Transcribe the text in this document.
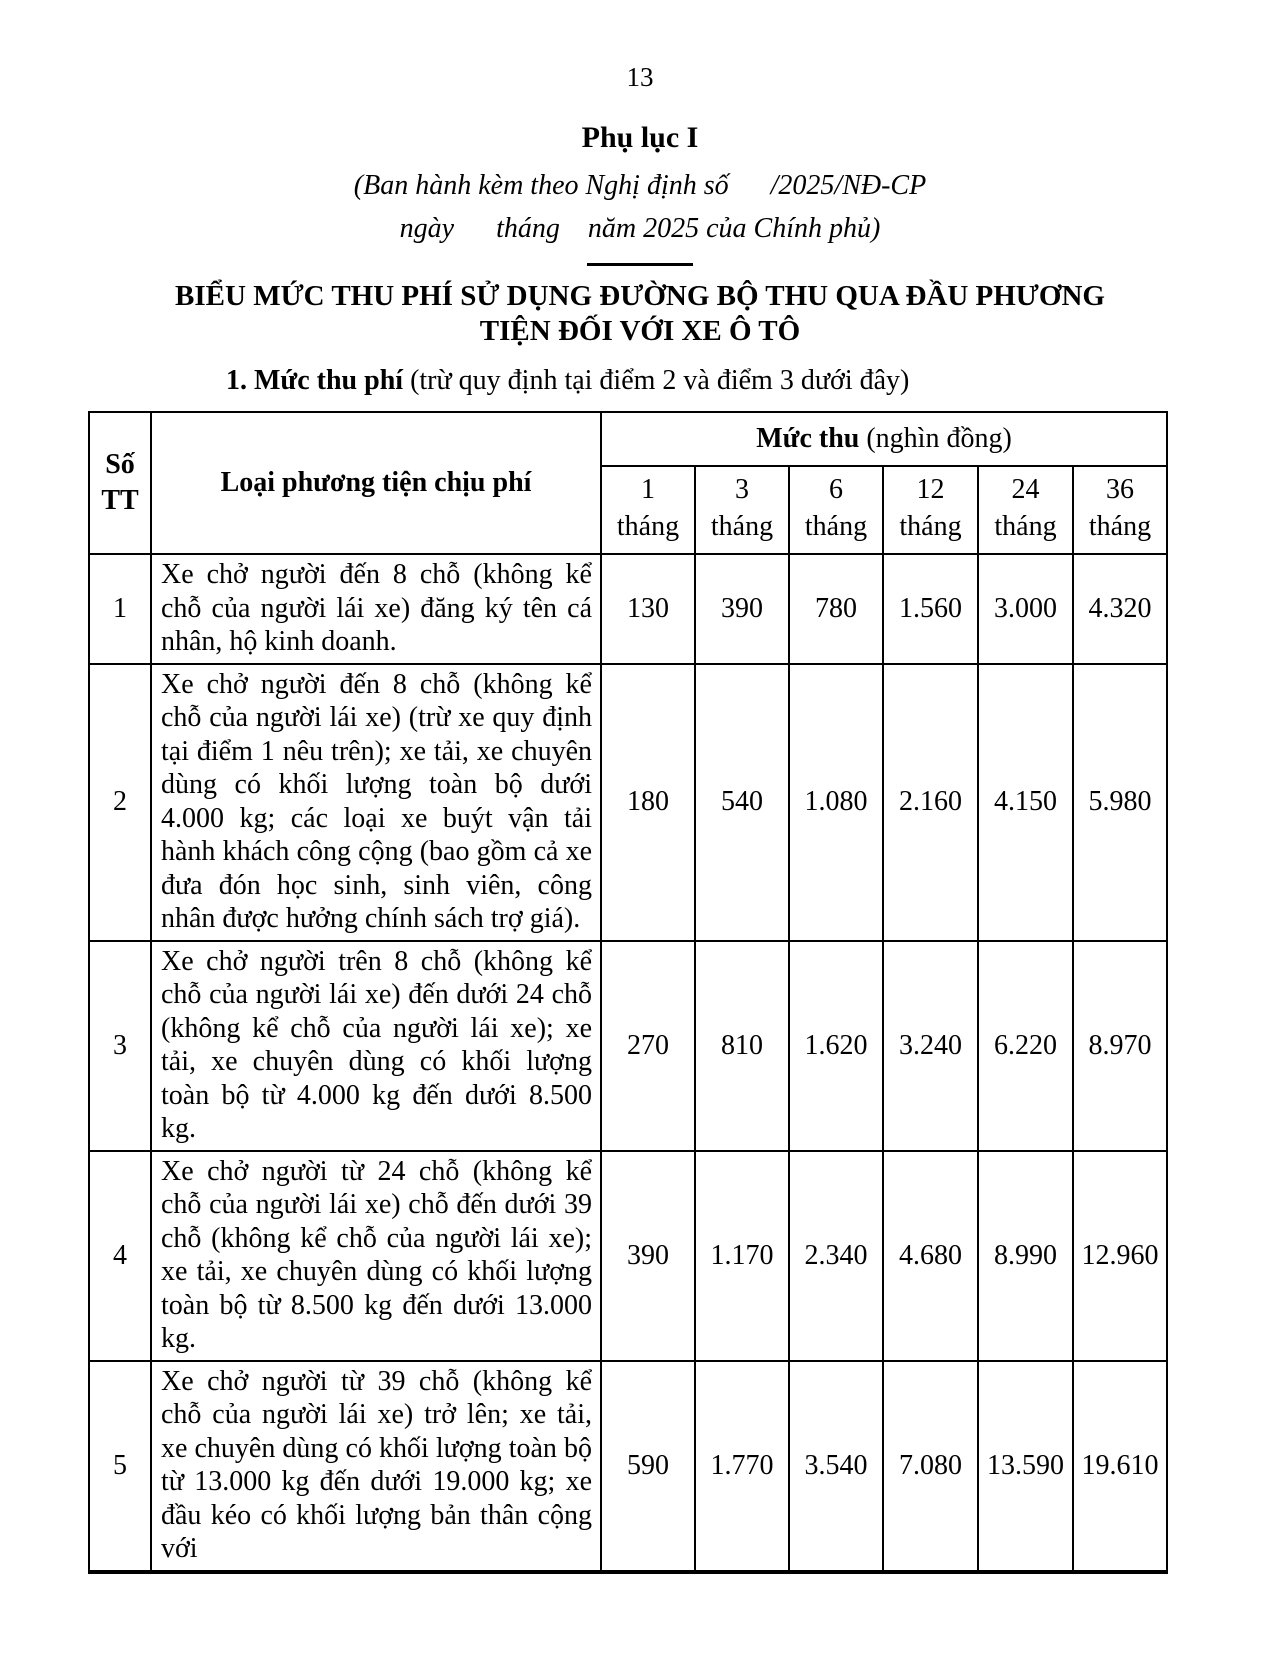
13
Phụ lục I
(Ban hành kèm theo Nghị định số      /2025/NĐ-CP
ngày      tháng    năm 2025 của Chính phủ)
BIỂU MỨC THU PHÍ SỬ DỤNG ĐƯỜNG BỘ THU QUA ĐẦU PHƯƠNG
TIỆN ĐỐI VỚI XE Ô TÔ
1. Mức thu phí (trừ quy định tại điểm 2 và điểm 3 dưới đây)
Số TT	Loại phương tiện chịu phí	Mức thu (nghìn đồng)					

		1 tháng	3 tháng	6 tháng	12 tháng	24 tháng	36 tháng

1	Xe chở người đến 8 chỗ (không kể chỗ của người lái xe) đăng ký tên cá nhân, hộ kinh doanh.	130	390	780	1.560	3.000	4.320
2	Xe chở người đến 8 chỗ (không kể chỗ của người lái xe) (trừ xe quy định tại điểm 1 nêu trên); xe tải, xe chuyên dùng có khối lượng toàn bộ dưới 4.000 kg; các loại xe buýt vận tải hành khách công cộng (bao gồm cả xe đưa đón học sinh, sinh viên, công nhân được hưởng chính sách trợ giá).	180	540	1.080	2.160	4.150	5.980
3	Xe chở người trên 8 chỗ (không kể chỗ của người lái xe) đến dưới 24 chỗ (không kể chỗ của người lái xe); xe tải, xe chuyên dùng có khối lượng toàn bộ từ 4.000 kg đến dưới 8.500 kg.	270	810	1.620	3.240	6.220	8.970
4	Xe chở người từ 24 chỗ (không kể chỗ của người lái xe) chỗ đến dưới 39 chỗ (không kể chỗ của người lái xe); xe tải, xe chuyên dùng có khối lượng toàn bộ từ 8.500 kg đến dưới 13.000 kg.	390	1.170	2.340	4.680	8.990	12.960
5	Xe chở người từ 39 chỗ (không kể chỗ của người lái xe) trở lên; xe tải, xe chuyên dùng có khối lượng toàn bộ từ 13.000 kg đến dưới 19.000 kg; xe đầu kéo có khối lượng bản thân cộng với	590	1.770	3.540	7.080	13.590	19.610
